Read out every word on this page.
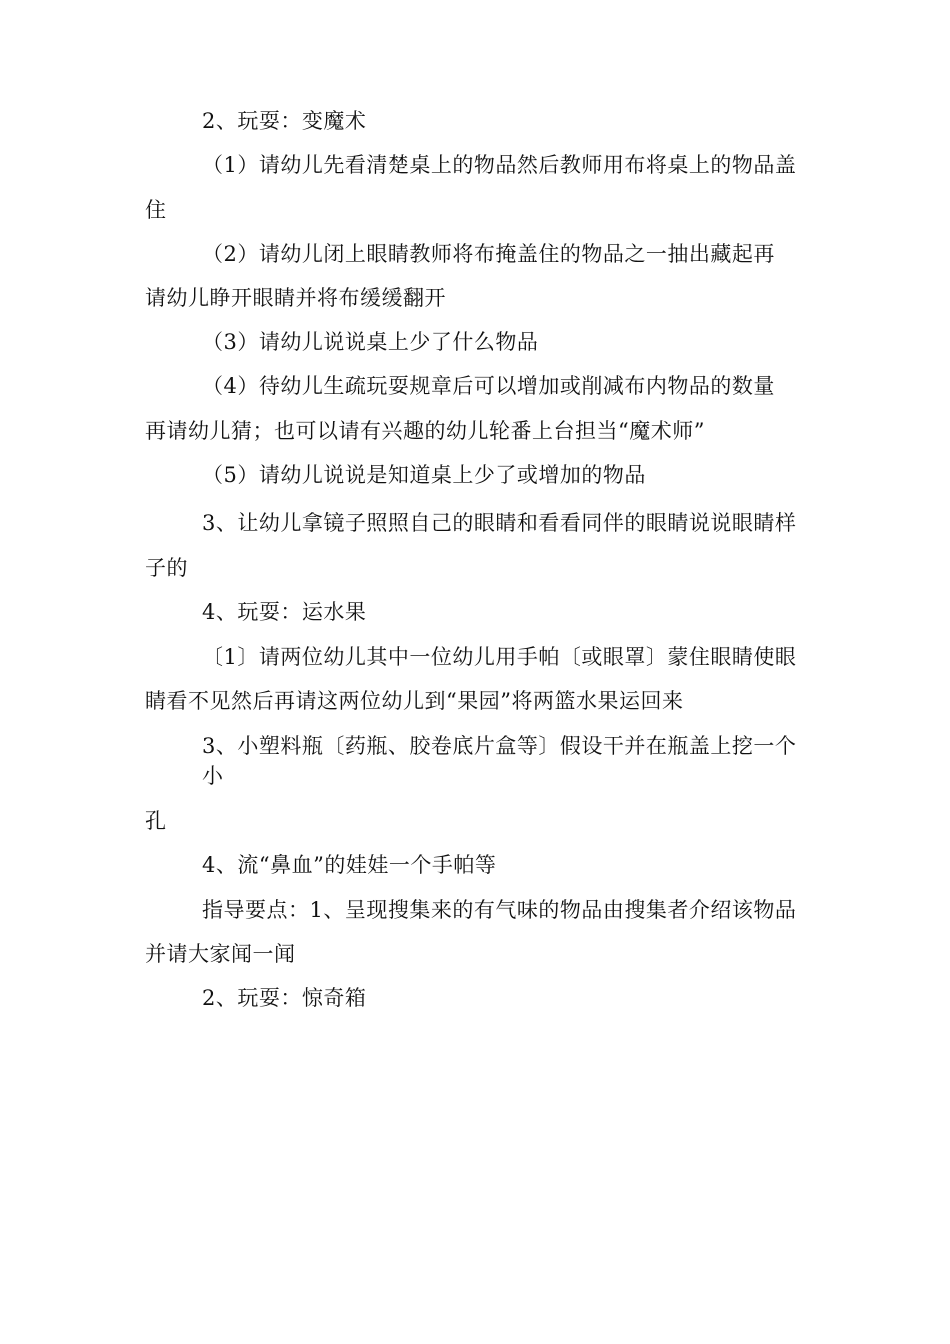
2、玩耍：变魔术
（1）请幼儿先看清楚桌上的物品然后教师用布将桌上的物品盖
住
（2）请幼儿闭上眼睛教师将布掩盖住的物品之一抽出藏起再
请幼儿睁开眼睛并将布缓缓翻开
（3）请幼儿说说桌上少了什么物品
（4）待幼儿生疏玩耍规章后可以增加或削减布内物品的数量
再请幼儿猜；也可以请有兴趣的幼儿轮番上台担当“魔术师”
（5）请幼儿说说是知道桌上少了或增加的物品
3、让幼儿拿镜子照照自己的眼睛和看看同伴的眼睛说说眼睛样
子的
4、玩耍：运水果
〔1〕请两位幼儿其中一位幼儿用手帕〔或眼罩〕蒙住眼睛使眼
睛看不见然后再请这两位幼儿到“果园”将两篮水果运回来
3、小塑料瓶〔药瓶、胶卷底片盒等〕假设干并在瓶盖上挖一个
小
孔
4、流“鼻血”的娃娃一个手帕等
指导要点：1、呈现搜集来的有气味的物品由搜集者介绍该物品
并请大家闻一闻
2、玩耍：惊奇箱
